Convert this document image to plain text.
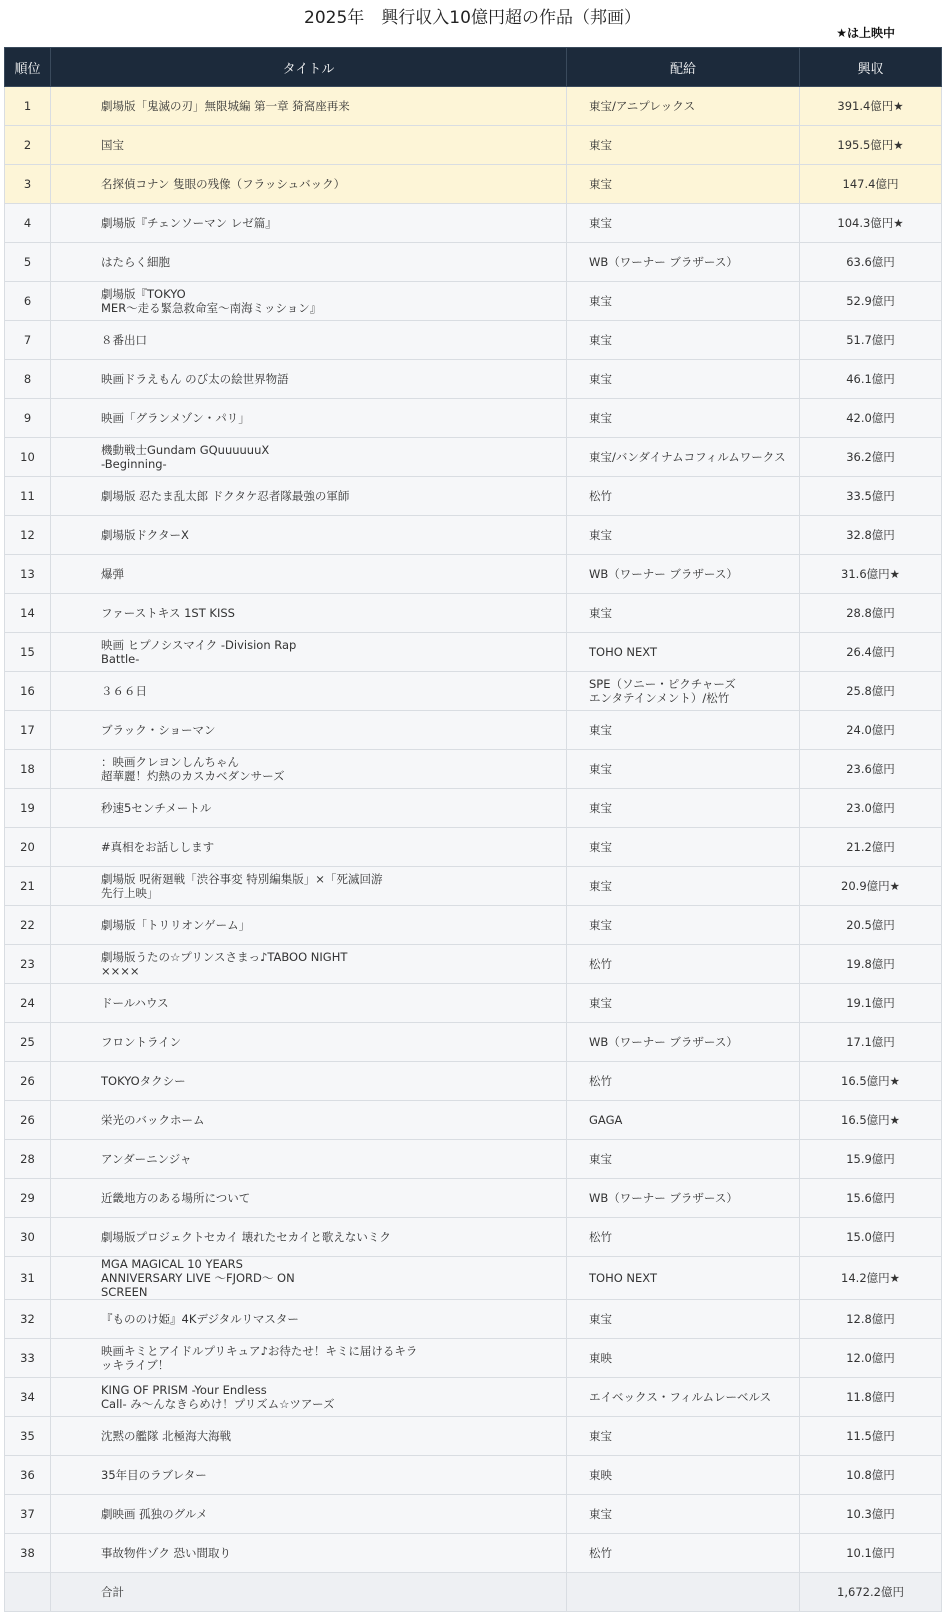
2025年　興行収入10億円超の作品（邦画）
★は上映中
順位	タイトル	配給	興収
1	劇場版「鬼滅の刃」無限城編 第一章 猗窩座再来	東宝/アニプレックス	391.4億円★
2	国宝	東宝	195.5億円★
3	名探偵コナン 隻眼の残像（フラッシュバック）	東宝	147.4億円
4	劇場版『チェンソーマン レゼ篇』	東宝	104.3億円★
5	はたらく細胞	WB（ワーナー ブラザース）	63.6億円
6	劇場版『TOKYO
MER～走る緊急救命室～南海ミッション』	東宝	52.9億円
7	８番出口	東宝	51.7億円
8	映画ドラえもん のび太の絵世界物語	東宝	46.1億円
9	映画「グランメゾン・パリ」	東宝	42.0億円
10	機動戦士Gundam GQuuuuuuX
-Beginning-	東宝/バンダイナムコフィルムワークス	36.2億円
11	劇場版 忍たま乱太郎 ドクタケ忍者隊最強の軍師	松竹	33.5億円
12	劇場版ドクターX	東宝	32.8億円
13	爆弾	WB（ワーナー ブラザース）	31.6億円★
14	ファーストキス 1ST KISS	東宝	28.8億円
15	映画 ヒプノシスマイク -Division Rap
Battle-	TOHO NEXT	26.4億円
16	３６６日	SPE（ソニー・ピクチャーズ
エンタテインメント）/松竹	25.8億円
17	ブラック・ショーマン	東宝	24.0億円
18	：映画クレヨンしんちゃん
超華麗！灼熱のカスカベダンサーズ	東宝	23.6億円
19	秒速5センチメートル	東宝	23.0億円
20	#真相をお話しします	東宝	21.2億円
21	劇場版 呪術廻戦「渋谷事変 特別編集版」×「死滅回游
先行上映」	東宝	20.9億円★
22	劇場版「トリリオンゲーム」	東宝	20.5億円
23	劇場版うたの☆プリンスさまっ♪TABOO NIGHT
××××	松竹	19.8億円
24	ドールハウス	東宝	19.1億円
25	フロントライン	WB（ワーナー ブラザース）	17.1億円
26	TOKYOタクシー	松竹	16.5億円★
26	栄光のバックホーム	GAGA	16.5億円★
28	アンダーニンジャ	東宝	15.9億円
29	近畿地方のある場所について	WB（ワーナー ブラザース）	15.6億円
30	劇場版プロジェクトセカイ 壊れたセカイと歌えないミク	松竹	15.0億円
31	MGA MAGICAL 10 YEARS
ANNIVERSARY LIVE ～FJORD～ ON
SCREEN	TOHO NEXT	14.2億円★
32	『もののけ姫』4Kデジタルリマスター	東宝	12.8億円
33	映画キミとアイドルプリキュア♪お待たせ！キミに届けるキラ
ッキライブ！	東映	12.0億円
34	KING OF PRISM -Your Endless
Call- み～んなきらめけ！プリズム☆ツアーズ	エイベックス・フィルムレーベルス	11.8億円
35	沈黙の艦隊 北極海大海戦	東宝	11.5億円
36	35年目のラブレター	東映	10.8億円
37	劇映画 孤独のグルメ	東宝	10.3億円
38	事故物件ゾク 恐い間取り	松竹	10.1億円
	合計		1,672.2億円
